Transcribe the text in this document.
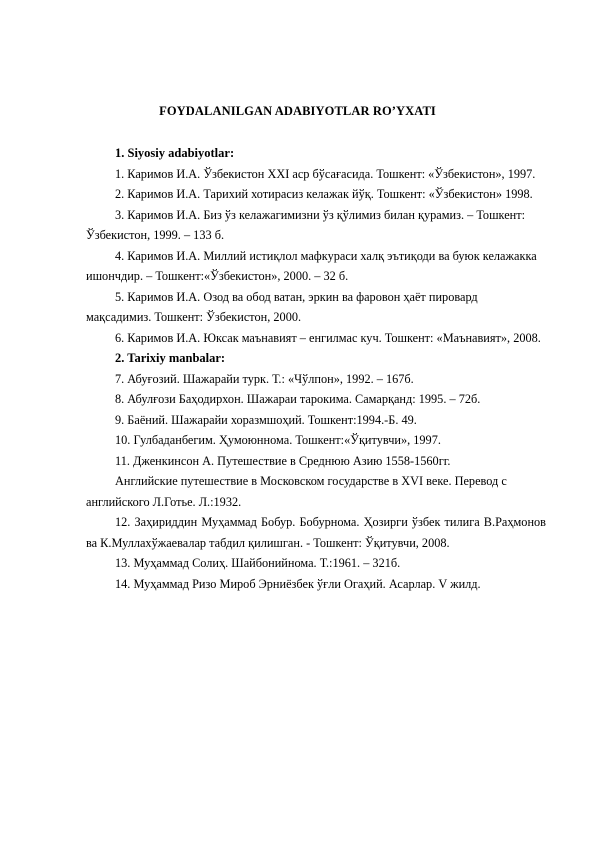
FOYDALANILGAN ADABIYOTLAR RO’YXATI
1. Siyosiy adabiyotlar:
1. Каримов И.А. Ўзбекистон XXI аср бўсағасида. Тошкент: «Ўзбекистон», 1997.
2. Каримов И.А. Тарихий хотирасиз келажак йўқ. Тошкент: «Ўзбекистон» 1998.
3. Каримов И.А. Биз ўз келажагимизни ўз қўлимиз билан қурамиз. – Тошкент: Ўзбекистон, 1999. – 133 б.
4. Каримов И.А. Миллий истиқлол мафкураси халқ эътиқоди ва буюк келажакка ишончдир. – Тошкент:«Ўзбекистон», 2000. – 32 б.
5. Каримов И.А. Озод ва обод ватан, эркин ва фаровон ҳаёт пировард мақсадимиз. Тошкент: Ўзбекистон, 2000.
6. Каримов И.А. Юксак маънавият – енгилмас куч. Тошкент: «Маънавият», 2008.
2. Tarixiy manbalar:
7. Абуғозий. Шажарайи турк. Т.: «Чўлпон», 1992. – 167б.
8. Абулғози Баҳодирхон. Шажараи тарокима. Самарқанд: 1995. – 72б.
9. Баёний. Шажарайи хоразмшоҳий. Тошкент:1994.-Б. 49.
10. Гулбаданбегим. Ҳумоюнномa. Тошкент:«Ўқитувчи», 1997.
11. Дженкинсон А. Путешествие в Среднюю Азию 1558-1560гг.
Английские путешествие в Московском государстве в XVI веке. Перевод с английского Л.Готье. Л.:1932.
12. Заҳириддин Муҳаммад Бобур. Бобурнома. Ҳозирги ўзбек тилига В.Раҳмонов ва К.Муллахўжаевалар табдил қилишган. - Тошкент: Ўқитувчи, 2008.
13. Муҳаммад Солиҳ. Шайбонийнома. Т.:1961. – 321б.
14. Муҳаммад Ризо Мироб Эрниёзбек ўғли Огаҳий. Асарлар. V жилд.
